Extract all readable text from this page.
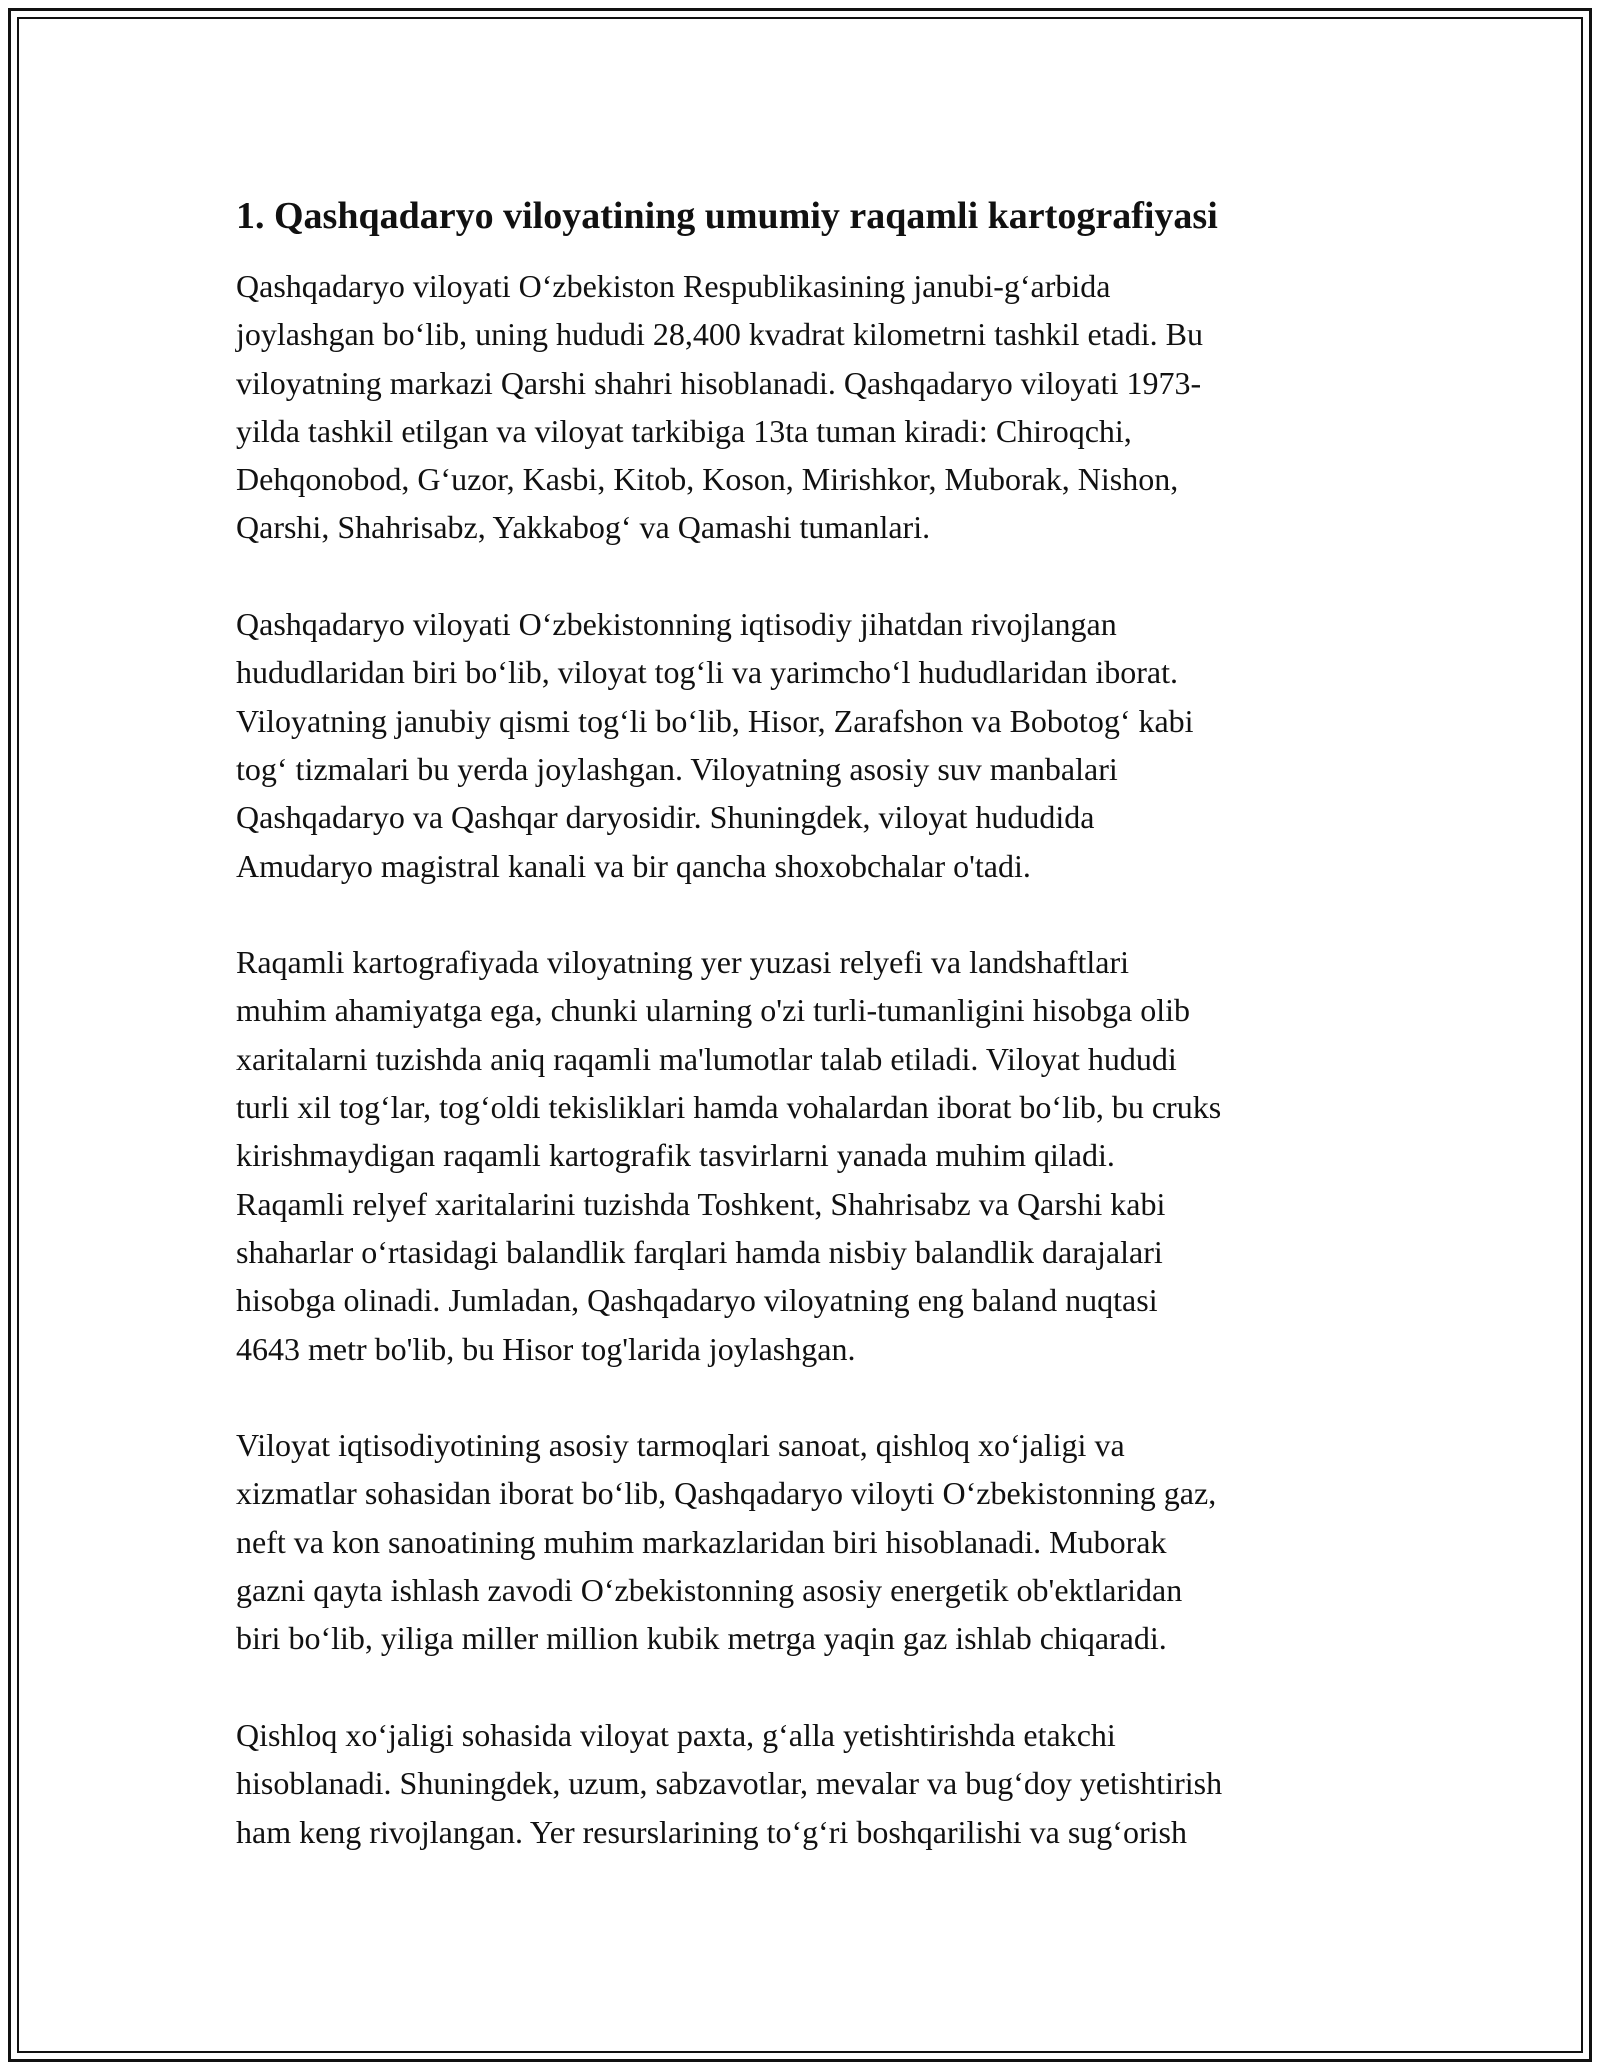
1. Qashqadaryo viloyatining umumiy raqamli kartografiyasi

Qashqadaryo viloyati O‘zbekiston Respublikasining janubi-g‘arbida
joylashgan bo‘lib, uning hududi 28,400 kvadrat kilometrni tashkil etadi. Bu
viloyatning markazi Qarshi shahri hisoblanadi. Qashqadaryo viloyati 1973-
yilda tashkil etilgan va viloyat tarkibiga 13ta tuman kiradi: Chiroqchi,
Dehqonobod, G‘uzor, Kasbi, Kitob, Koson, Mirishkor, Muborak, Nishon,
Qarshi, Shahrisabz, Yakkabog‘ va Qamashi tumanlari.

Qashqadaryo viloyati O‘zbekistonning iqtisodiy jihatdan rivojlangan
hududlaridan biri bo‘lib, viloyat tog‘li va yarimcho‘l hududlaridan iborat.
Viloyatning janubiy qismi tog‘li bo‘lib, Hisor, Zarafshon va Bobotog‘ kabi
tog‘ tizmalari bu yerda joylashgan. Viloyatning asosiy suv manbalari
Qashqadaryo va Qashqar daryosidir. Shuningdek, viloyat hududida
Amudaryo magistral kanali va bir qancha shoxobchalar o'tadi.

Raqamli kartografiyada viloyatning yer yuzasi relyefi va landshaftlari
muhim ahamiyatga ega, chunki ularning o'zi turli-tumanligini hisobga olib
xaritalarni tuzishda aniq raqamli ma'lumotlar talab etiladi. Viloyat hududi
turli xil tog‘lar, tog‘oldi tekisliklari hamda vohalardan iborat bo‘lib, bu cruks
kirishmaydigan raqamli kartografik tasvirlarni yanada muhim qiladi.
Raqamli relyef xaritalarini tuzishda Toshkent, Shahrisabz va Qarshi kabi
shaharlar o‘rtasidagi balandlik farqlari hamda nisbiy balandlik darajalari
hisobga olinadi. Jumladan, Qashqadaryo viloyatning eng baland nuqtasi
4643 metr bo'lib, bu Hisor tog'larida joylashgan.

Viloyat iqtisodiyotining asosiy tarmoqlari sanoat, qishloq xo‘jaligi va
xizmatlar sohasidan iborat bo‘lib, Qashqadaryo viloyti O‘zbekistonning gaz,
neft va kon sanoatining muhim markazlaridan biri hisoblanadi. Muborak
gazni qayta ishlash zavodi O‘zbekistonning asosiy energetik ob'ektlaridan
biri bo‘lib, yiliga miller million kubik metrga yaqin gaz ishlab chiqaradi.

Qishloq xo‘jaligi sohasida viloyat paxta, g‘alla yetishtirishda etakchi
hisoblanadi. Shuningdek, uzum, sabzavotlar, mevalar va bug‘doy yetishtirish
ham keng rivojlangan. Yer resurslarining to‘g‘ri boshqarilishi va sug‘orish
